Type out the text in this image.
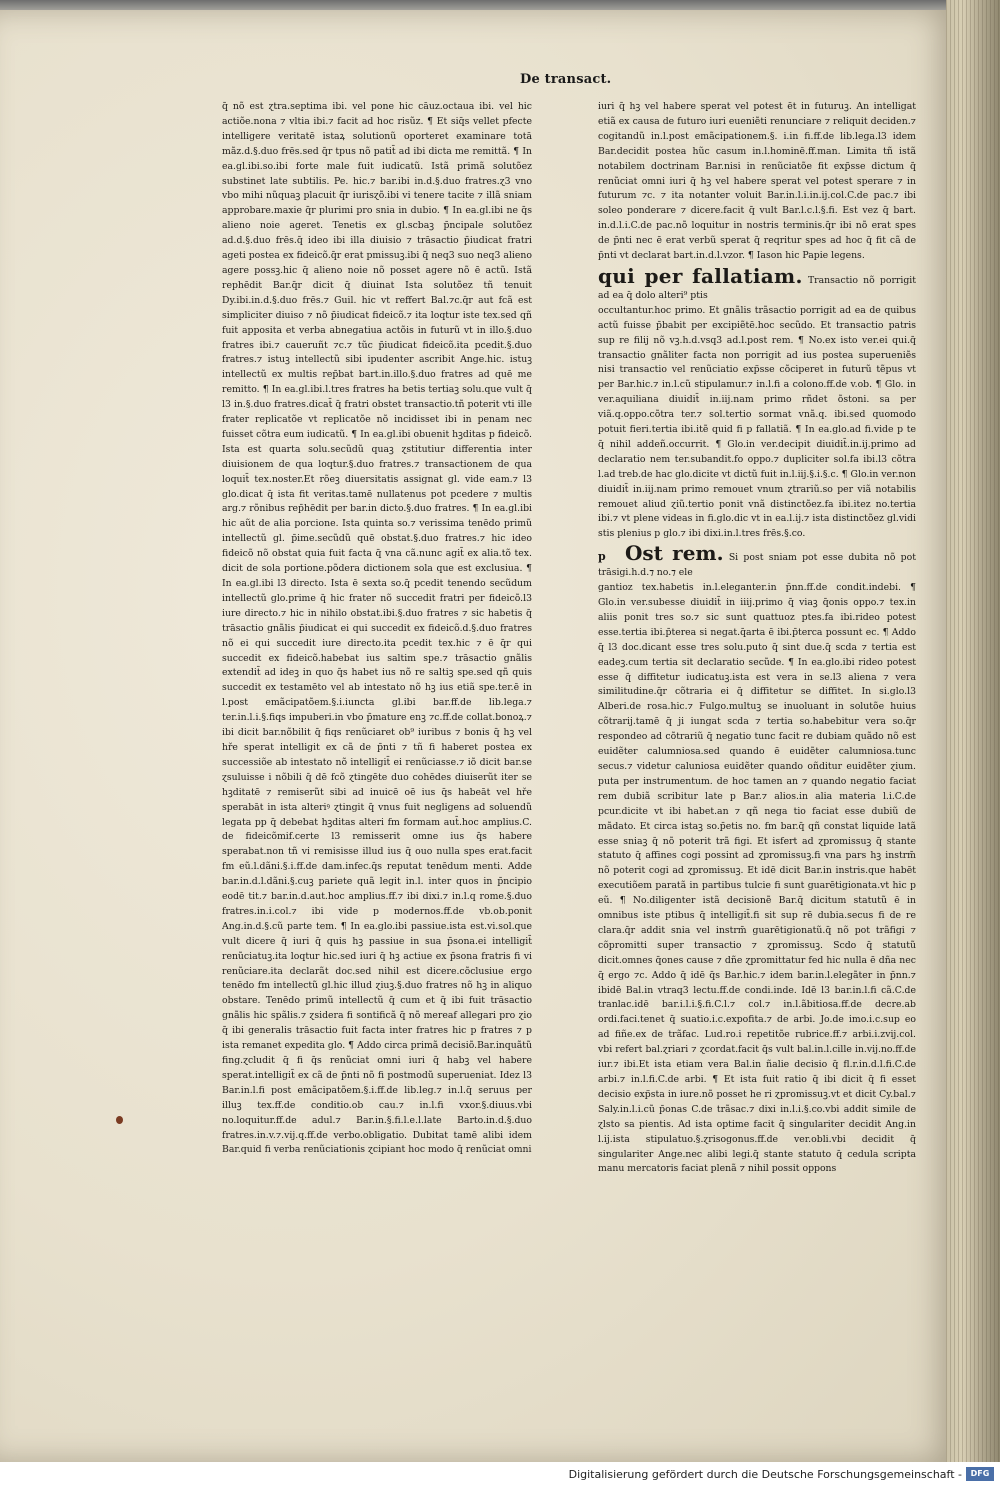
De transact.

q̄ nõ est ɀtra.septima ibi. vel pone hic cāuz.octaua ibi. vel hic actiõe.nona ⁊ vltia ibi.⁊ facit ad hoc risũz. ¶ Et siq̄s vellet pfecte intelligere veritatē istaꝝ solutionũ oporteret examinare totā mãz.d.§.duo frēs.sed q̄r tpus nõ patit̄ ad ibi dicta me remittã. ¶ In ea.gl.ibi.so.ibi forte male fuit iudicatũ. Istã primã solutõez substinet late subtilis. Pe. hic.⁊ bar.ibi in.d.§.duo fratres.ɀ3 vno vbo mihi nũquaꝫ placuit q̄r iurisɀõ.ibi vi̇ tenere tacite ⁊ illã sniam approbare.maxie q̄r plurimi̇ pro snia in dubio. ¶ In ea.gl.ibi ne q̄s alieno noie ageret. Tenetis ex gl.scbaꝫ p̄ncipale solutõez ad.d.§.duo frēs.q̄ ideo ibi illa diuisio ⁊ trāsactio p̄iudicat fratri ageti postea ex fideicõ.q̄r erat pmissuꝫ.ibi q̄ neq3 suo neq3 alieno agere possꝫ.hic q̄ alieno noie nõ posset agere nõ ē actũ. Istã rephēdit Bar.q̄r dicit q̄ diuinat Ista solutõez tñ tenuit Dy.ibi.in.d.§.duo frēs.⁊ Guil. hic vt reffert Bal.⁊c.q̄r aut fcã est simpliciter diuiso ⁊ nõ p̄iudicat fideicõ.⁊ ita loqtur iste tex.sed qñ fuit apposita et verba abnegatiua actõis in futurũ vt in illo.§.duo fratres ibi.⁊ caueruñt ⁊c.⁊ tũc p̄iudicat fideicõ.ita pcedit.§.duo fratres.⁊ istuꝫ intellectũ sibi ipudenter ascribit Ange.hic. istuꝫ intellectũ ex multis rep̄bat bart.in.illo.§.duo fratres ad quē me remitto. ¶ In ea.gl.ibi.l.tres fratres ha betis tertiaꝫ solu.que vult q̄ l3 in.§.duo fratres.dicat̄ q̄ fratri obstet transactio.tñ poterit vti ille frater replicatõe vt replicatõe nõ incidisset ibi in penam nec fuisset cõtra eum iudicatũ. ¶ In ea.gl.ibi obuenit hꝫditas p fideicõ. Ista est quarta solu.secũdũ quaꝫ ɀstitutiur differentia inter diuisionem de qua loqtur.§.duo fratres.⁊ transactionem de qua loquit̄ tex.noster.Et rõeꝫ diuersitatis assignat gl. vide eam.⁊ l3 glo.dicat q̄ ista fit veritas.tamē nullatenus pot pcedere ⁊ multis arg.⁊ rõnibus rep̄hēdit per bar.in dicto.§.duo fratres. ¶ In ea.gl.ibi hic aũt de alia porcione. Ista quinta so.⁊ verissima tenēdo primũ intellectũ gl. p̄ime.secũdũ quē obstat.§.duo fratres.⁊ hic ideo fideicõ nõ obstat quia fuit facta q̄ vna cã.nunc agit̄ ex alia.tõ tex. dicit de sola portione.põdera dictionem sola que est exclusiua. ¶ In ea.gl.ibi l3 directo. Ista ē sexta so.q̄ pcedit tenendo secũdum intellectũ glo.prime q̄ hic frater nõ succedit fratri per fideicõ.l3 iure directo.⁊ hic in nihilo obstat.ibi.§.duo fratres ⁊ sic habetis q̄ trāsactio gnãlis p̄iudicat ei qui succedit ex fideicõ.d.§.duo fratres nõ ei qui succedit iure directo.ita pcedit tex.hic ⁊ ē q̄r qui succedit ex fideicõ.habebat ius saltim spe.⁊ trāsactio gnãlis extendit̄ ad ideꝫ in quo q̄s habet ius nõ re saltiꝫ spe.sed qñ quis succedit ex testamēto vel ab intestato nõ hꝫ ius etiã spe.ter.ē in l.post emãcipatõem.§.i.iuncta gl.ibi bar.ff.de lib.lega.⁊ ter.in.l.i.§.fiqs impuberi.in vbo p̄mature enꝫ ⁊c.ff.de collat.bonoꝝ.⁊ ibi dicit bar.nõbilit q̄ fiqs renũciaret ob⁹ iuribus ⁊ bonis q̄ hꝫ vel hře sperat intelligit ex cã de p̄nti ⁊ tñ fi haberet postea ex successiõe ab intestato nõ intelligit̄ ei renũciasse.⁊ iõ dicit bar.se ɀsuluisse i nõbili q̄ dē fcõ ɀtingēte duo cohēdes diuiserũt iter se hꝫditatē ⁊ remiserũt sibi ad inuicē oē ius q̄s habeāt vel hře sperabāt in ista alteriꝰ ɀtingit q̄ vnus fuit negligens ad soluendũ legata pp q̄ debebat hꝫditas alteri fm formam aut̄.hoc amplius.C. de fideicõmif.certe l3 remisserit omne ius q̄s habere sperabat.non tñ vi̇ remisisse illud ius q̄ ouo nulla spes erat.facit fm eũ.l.dãni.§.i.ff.de dam.infec.q̄s reputat tenēdum menti. Adde bar.in.d.l.dãni.§.cuꝫ pariete quã legit in.l. inter quos in p̄ncipio eodē tit.⁊ bar.in.d.aut.hoc amplius.ff.⁊ ibi dixi.⁊ in.l.q rome.§.duo fratres.in.i.col.⁊ ibi vide p modernos.ff.de vb.ob.ponit Ang.in.d.§.cũ parte tem. ¶ In ea.glo.ibi passiue.ista est.vi̇.sol.que vult dicere q̄ iuri q̄ quis hꝫ passiue in sua p̄sona.ei intelligit̄ renũciatuꝫ.ita loqtur hic.sed iuri q̄ hꝫ actiue ex p̄sona fratris fi vi̇ renũciare.ita declarãt doc.sed nihil est dicere.cõclusiue ergo tenēdo fm intellectũ gl.hic illud ɀiuꝫ.§.duo fratres nõ hꝫ in aliquo obstare. Tenēdo primũ intellectũ q̄ cum et q̄ ibi fuit trāsactio gnãlis hic spãlis.⁊ ɀsidera fi sontificã q̄ nõ mereaf allegari pro ɀio q̄ ibi generalis trāsactio fuit facta inter fratres hic p fratres ⁊ p ista remanet expedita glo. ¶ Addo circa primã decisiõ.Bar.inquãtũ fing.ɀcludit q̄ fi q̄s renũciat omni iuri q̄ habꝫ vel habere sperat.intelligit̄ ex cã de p̄nti nõ fi postmodũ superueniat. Idez l3 Bar.in.l.fi post emãcipatõem.§.i.ff.de lib.leg.⁊ in.l.q̄ seruus per illuꝫ tex.ff.de conditio.ob cau.⁊ in.l.fi vxor.§.diuus.vbi no.loquitur.ff.de adul.⁊ Bar.in.§.fi.l.e.l.late Barto.in.d.§.duo fratres.in.v.⁊.vi̇j.q.ff.de verbo.obligatio. Dubitat tamē alibi idem Bar.quid fi verba renũciationis ɀcipiant hoc modo q̄ renũciat omni

iuri q̄ hꝫ vel habere sperat vel potest ēt in futuruꝫ. An intelligat etiã ex causa de futuro iuri eueniẽti renunciare ⁊ reliquit deciden.⁊ cogitandũ in.l.post emãcipationem.§. i.in fi.ff.de lib.lega.l3 idem Bar.decidit postea hũc casum in.l.hominē.ff.man. Limita tñ istã notabilem doctrinam Bar.nisi in renũciatõe fit exp̃sse dictum q̄ renũciat omni iuri q̄ hꝫ vel habere sperat vel potest sperare ⁊ in futurum ⁊c. ⁊ ita notanter voluit Bar.in.l.i.in.ij.col.C.de pac.⁊ ibi soleo ponderare ⁊ dicere.facit q̄ vult Bar.l.c.l.§.fi. Est vez q̄ bart. in.d.l.i.C.de pac.nõ loquitur in nostris terminis.q̄r ibi nõ erat spes de p̄nti nec ē erat verbũ sperat q̄ reqritur spes ad hoc q̄ fit cã de p̄nti vt declarat bart.in.d.l.vzor. ¶ Iason hic Papie legens.

qui per fallatiam. Transactio nõ porrigit ad ea q̄ dolo alteri⁹ ptis

occultantur.hoc primo. Et gnãlis trãsactio porrigit ad ea de quibus actũ fuisse p̄babit per excipiẽtē.hoc secũdo. Et transactio patris sup re filij nõ vꝫ.h.d.vsq3 ad.l.post rem. ¶ No.ex isto ver.ei qui.q̄ transactio gnãliter facta non porrigit ad ius postea superueniẽs nisi transactio vel renũciatio exp̃sse cõciperet in futurũ tẽpus vt per Bar.hic.⁊ in.l.cũ stipulamur.⁊ in.l.fi a colono.ff.de v.ob. ¶ Glo. in ver.aquiliana diuidit̄ in.iij.nam primo rñdet õstoni. sa per viã.q.oppo.cõtra ter.⁊ sol.tertio sormat vnã.q. ibi.sed quomodo potuit fieri.tertia ibi.itẽ quid fi p fallatiã. ¶ In ea.glo.ad fi.vide p te q̄ nihil addeñ.occurrit. ¶ Glo.in ver.decipit diuidit̄.in.ij.primo ad declaratio nem ter.subandit.fo oppo.⁊ dupliciter sol.fa ibi.l3 cõtra l.ad treb.de hac glo.dicite vt dictũ fuit in.l.iij.§.i.§.c. ¶ Glo.in ver.non diuidit̄ in.iij.nam primo remouet vnum ɀtrariũ.so per viã notabilis remouet aliud ɀiũ.tertio ponit vnã distinctõez.fa ibi.itez no.tertia ibi.⁊ vt plene videas in fi.glo.dic vt in ea.l.ij.⁊ ista distinctõez gl.vidi stis plenius p glo.⁊ ibi dixi.in.l.tres frēs.§.co.

p Ost rem. Si post sniam pot esse dubita nõ pot trāsigi.h.d.⁊ no.⁊ ele

gantioz tex.habetis in.l.eleganter.in p̄nn.ff.de condit.indebi. ¶ Glo.in ver.subesse diuidit̄ in iiij.primo q̄ viaꝫ q̄onis oppo.⁊ tex.in aliis ponit tres so.⁊ sic sunt quattuoz ptes.fa ibi.rideo potest esse.tertia ibi.p̄terea si negat.q̄arta ē ibi.p̄terca possunt ec. ¶ Addo q̄ l3 doc.dicant esse tres solu.puto q̄ sint due.q̄ scda ⁊ tertia est eadeꝫ.cum tertia sit declaratio secũde. ¶ In ea.glo.ibi rideo potest esse q̄ diffitetur iudicatuꝫ.ista est vera in se.l3 aliena ⁊ vera similitudine.q̄r cõtraria ei q̄ diffitetur se diffitet. In si.glo.l3 Alberi.de rosa.hic.⁊ Fulgo.multuꝫ se inuoluant in solutõe huius cõtrarij.tamē q̄ ji iungat scda ⁊ tertia so.habebitur vera so.q̄r respondeo ad cõtrariũ q̄ negatio tunc facit re dubiam quãdo nõ est euidẽter calumniosa.sed quando ē euidẽter calumniosa.tunc secus.⁊ videtur caluniosa euidẽter quando oñditur euidẽter ɀium. puta per instrumentum. de hoc tamen an ⁊ quando negatio faciat rem dubiã scribitur late p Bar.⁊ alios.in alia materia l.i.C.de pcur.dicite vt ibi habet.an ⁊ qñ nega tio faciat esse dubiũ de mãdato. Et circa istaꝫ so.p̄etis no. fm bar.q̄ qñ constat liquide latã esse sniaꝫ q̄ nõ poterit trã figi. Et isfert ad ɀpromissuꝫ q̄ stante statuto q̄ affines cogi possint ad ɀpromissuꝫ.fi vna pars hꝫ instrm̄ nõ poterit cogi ad ɀpromissuꝫ. Et idē dicit Bar.in instris.que habēt executiõem paratã in partibus tulcie fi sunt guarētigionata.vt hic p eũ. ¶ No.diligenter istã decisionẽ Bar.q̄ dicitum statutũ ē in omnibus iste ptibus q̄ intelligit̄.fi sit sup rē dubia.secus fi de re clara.q̄r addit snia vel instrm̄ guarētigionatũ.q̄ nõ pot trãfigi ⁊ cõpromitti super transactio ⁊ ɀpromissuꝫ. Scdo q̄ statutũ dicit.omnes q̄ones cause ⁊ dñe ɀpromittatur fed hic nulla ē dña nec q̄ ergo ⁊c. Addo q̄ idē q̄s Bar.hic.⁊ idem bar.in.l.elegãter in p̄nn.⁊ ibidē Bal.in vtraq3 lectu.ff.de condi.inde. Idē l3 bar.in.l.fi cã.C.de tranlac.idē bar.i.l.i.§.fi.C.l.⁊ col.⁊ in.l.ãbitiosa.ff.de decre.ab ordi.faci.tenet q̄ suatio.i.c.expofita.⁊ de arbi. Jo.de imo.i.c.sup eo ad fiñe.ex de trãfac. Lud.ro.i repetitõe rubrice.ff.⁊ arbi.i.zvij.col. vbi refert bal.ɀriari ⁊ ɀcordat.facit q̄s vult bal.in.l.cille in.vij.no.ff.de iur.⁊ ibi.Et ista etiam vera Bal.in ñalie decisio q̄ fl.r.in.d.l.fi.C.de arbi.⁊ in.l.fi.C.de arbi. ¶ Et ista fuit ratio q̄ ibi dicit q̄ fi esset decisio exp̃sta in iure.nõ posset he ri ɀpromissuꝫ.vt et dicit Cy.bal.⁊ Saly.in.l.i.cũ p̄onas C.de trãsac.⁊ dixi in.l.i.§.co.vbi addit simile de ɀlsto sa pientis. Ad ista optime facit q̄ singulariter decidit Ang.in l.ij.ista stipulatuo.§.ɀrisogonus.ff.de ver.obli.vbi decidit q̄ singulariter Ange.nec alibi legi.q̄ stante statuto q̄ cedula scripta manu mercatoris faciat plenã ⁊ nihil possit oppons

Digitalisierung gefördert durch die Deutsche Forschungsgemeinschaft -	DFG
